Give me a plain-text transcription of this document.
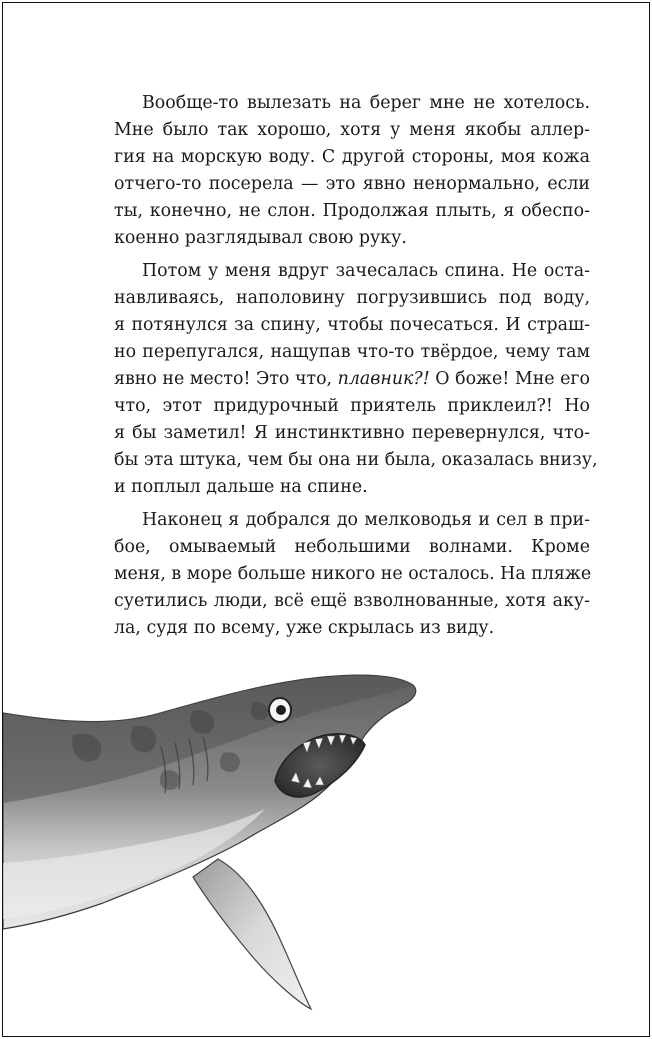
Вообще-то вылезать на берег мне не хотелось.
Мне было так хорошо, хотя у меня якобы аллер-
гия на морскую воду. С другой стороны, моя кожа
отчего-то посерела — это явно ненормально, если
ты, конечно, не слон. Продолжая плыть, я обеспо-
коенно разглядывал свою руку.

Потом у меня вдруг зачесалась спина. Не оста-
навливаясь, наполовину погрузившись под воду,
я потянулся за спину, чтобы почесаться. И страш-
но перепугался, нащупав что-то твёрдое, чему там
явно не место! Это что, плавник?! О боже! Мне его
что, этот придурочный приятель приклеил?! Но
я бы заметил! Я инстинктивно перевернулся, что-
бы эта штука, чем бы она ни была, оказалась внизу,
и поплыл дальше на спине.

Наконец я добрался до мелководья и сел в при-
бое, омываемый небольшими волнами. Кроме
меня, в море больше никого не осталось. На пляже
суетились люди, всё ещё взволнованные, хотя аку-
ла, судя по всему, уже скрылась из виду.
